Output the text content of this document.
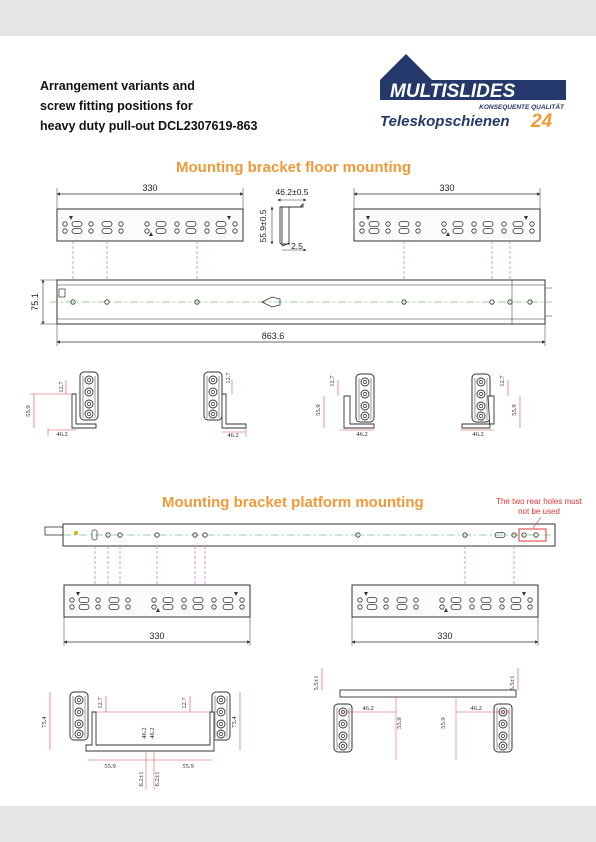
Arrangement variants and
screw fitting positions for
heavy duty pull-out DCL2307619-863
MULTISLIDES
KONSEQUENTE QUALITÄT
Teleskopschienen 24
Mounting bracket floor mounting
Mounting bracket platform mounting	The two rear holes must not be used
330	330
46.2±0.5
55.9±0.5
2.5
75.1
863.6
12.7
55.9
46.2
12.7
46.2
12.7
55.9
46.2
12.7
55.9
46.2
330	330
75.4	75.4
12.7	12.7
46.2 46.2
55.9	55.9
6.2±1 6.2±1
5.5±1	5.5±1
46.2	46.2
55.9	55.9
